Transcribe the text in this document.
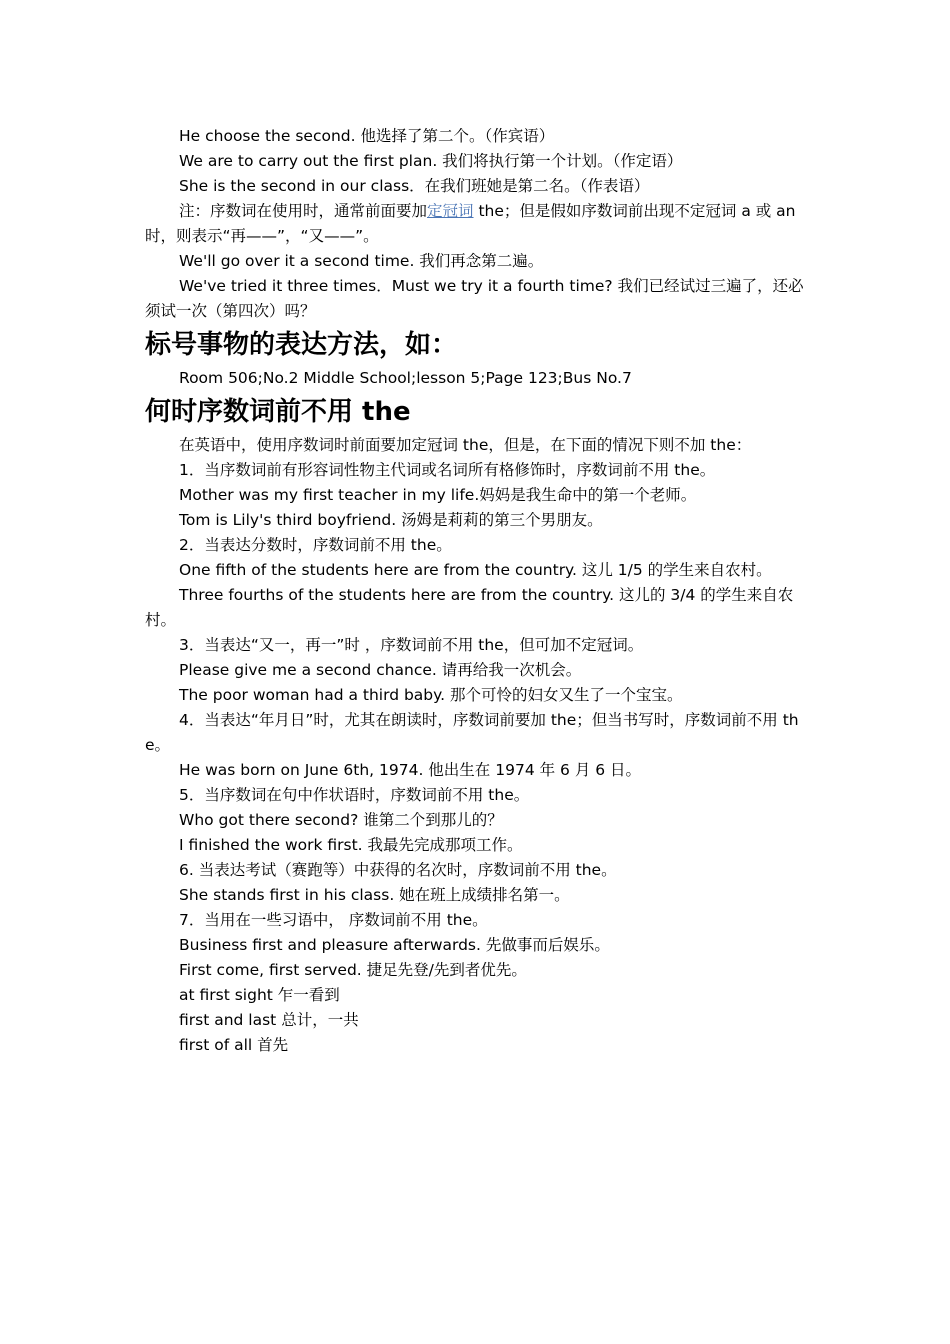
He choose the second. 他选择了第二个。（作宾语）

We are to carry out the first plan. 我们将执行第一个计划。（作定语）

She is the second in our class．在我们班她是第二名。（作表语）

注：序数词在使用时，通常前面要加定冠词 the；但是假如序数词前出现不定冠词 a 或 an 时，则表示“再——”，“又——”。

We'll go over it a second time. 我们再念第二遍。

We've tried it three times．Must we try it a fourth time? 我们已经试过三遍了，还必须试一次（第四次）吗？

标号事物的表达方法，如：

Room 506;No.2 Middle School;lesson 5;Page 123;Bus No.7

何时序数词前不用 the

在英语中，使用序数词时前面要加定冠词 the，但是，在下面的情况下则不加 the：

1．当序数词前有形容词性物主代词或名词所有格修饰时，序数词前不用 the。

Mother was my first teacher in my life.妈妈是我生命中的第一个老师。

Tom is Lily's third boyfriend. 汤姆是莉莉的第三个男朋友。

2．当表达分数时，序数词前不用 the。

One fifth of the students here are from the country. 这儿 1/5 的学生来自农村。

Three fourths of the students here are from the country. 这儿的 3/4 的学生来自农村。

3．当表达“又一，再一”时 ，序数词前不用 the，但可加不定冠词。

Please give me a second chance. 请再给我一次机会。

The poor woman had a third baby. 那个可怜的妇女又生了一个宝宝。

4．当表达“年月日”时，尤其在朗读时，序数词前要加 the；但当书写时，序数词前不用 the。

He was born on June 6th, 1974. 他出生在 1974 年 6 月 6 日。

5．当序数词在句中作状语时，序数词前不用 the。

Who got there second? 谁第二个到那儿的？

I finished the work first. 我最先完成那项工作。

6. 当表达考试（赛跑等）中获得的名次时，序数词前不用 the。

She stands first in his class. 她在班上成绩排名第一。

7．当用在一些习语中， 序数词前不用 the。

Business first and pleasure afterwards. 先做事而后娱乐。

First come, first served. 捷足先登/先到者优先。

at first sight 乍一看到

first and last 总计，一共

first of all 首先
